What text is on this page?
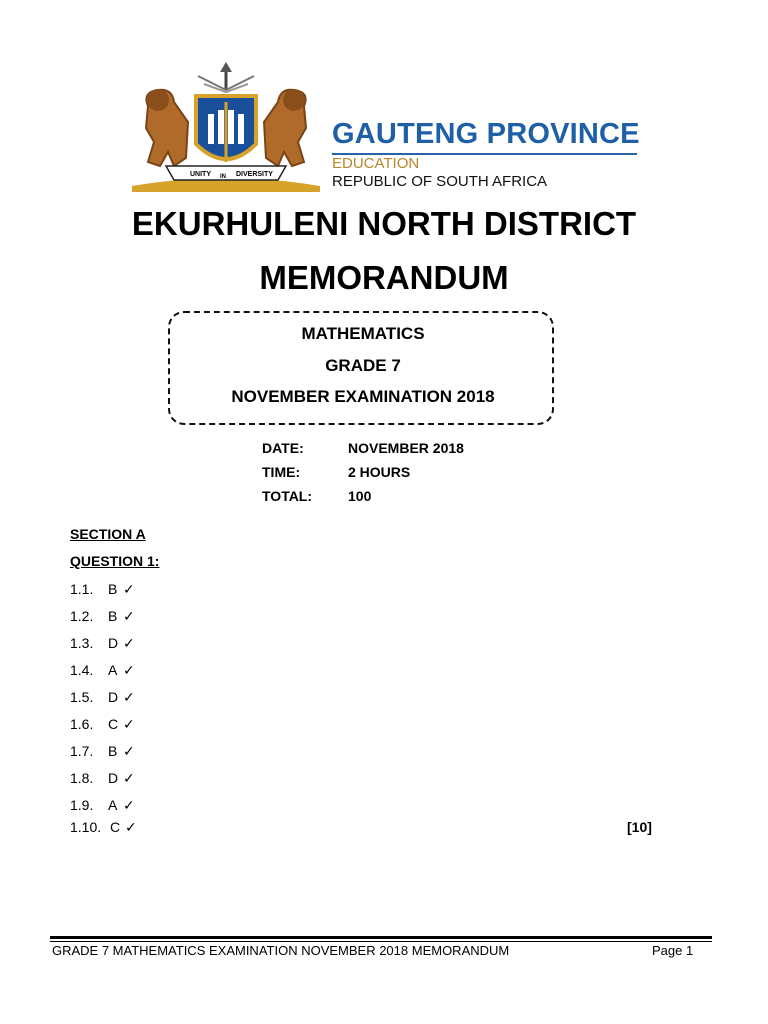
UNITY IN DIVERSITY
GAUTENG PROVINCE
EDUCATION
REPUBLIC OF SOUTH AFRICA
EKURHULENI NORTH DISTRICT
MEMORANDUM
MATHEMATICS
GRADE 7
NOVEMBER EXAMINATION 2018
DATE:	NOVEMBER 2018
TIME:	2 HOURS
TOTAL:	100
SECTION A
QUESTION 1:
1.1. B ✓
1.2. B ✓
1.3. D ✓
1.4. A ✓
1.5. D ✓
1.6. C ✓
1.7. B ✓
1.8. D ✓
1.9. A ✓
1.10. C ✓	[10]
GRADE 7 MATHEMATICS EXAMINATION NOVEMBER 2018 MEMORANDUM	Page 1
